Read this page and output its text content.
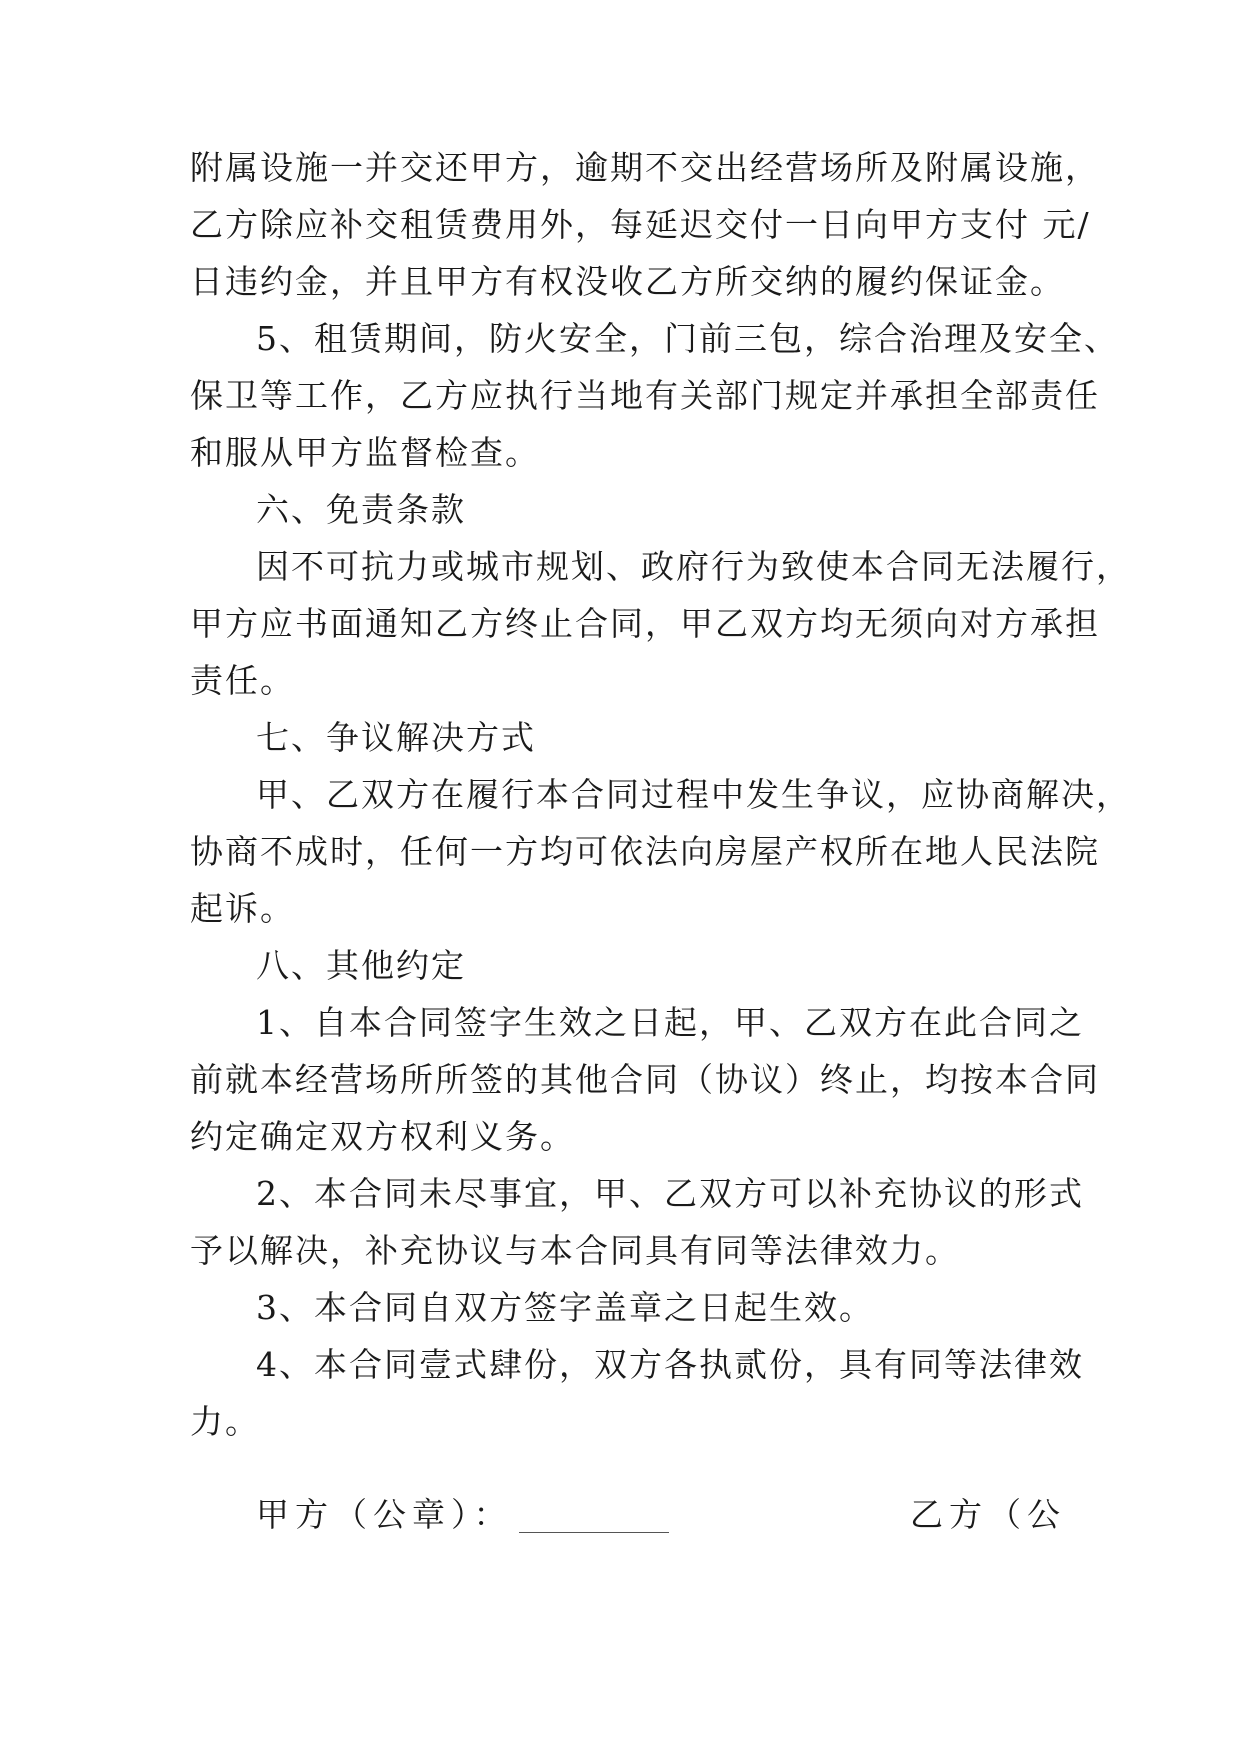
附属设施一并交还甲方，逾期不交出经营场所及附属设施，
乙方除应补交租赁费用外，每延迟交付一日向甲方支付 元/
日违约金，并且甲方有权没收乙方所交纳的履约保证金。
5、租赁期间，防火安全，门前三包，综合治理及安全、
保卫等工作，乙方应执行当地有关部门规定并承担全部责任
和服从甲方监督检查。
六、免责条款
因不可抗力或城市规划、政府行为致使本合同无法履行，
甲方应书面通知乙方终止合同，甲乙双方均无须向对方承担
责任。
七、争议解决方式
甲、乙双方在履行本合同过程中发生争议，应协商解决，
协商不成时，任何一方均可依法向房屋产权所在地人民法院
起诉。
八、其他约定
1、自本合同签字生效之日起，甲、乙双方在此合同之
前就本经营场所所签的其他合同（协议）终止，均按本合同
约定确定双方权利义务。
2、本合同未尽事宜，甲、乙双方可以补充协议的形式
予以解决，补充协议与本合同具有同等法律效力。
3、本合同自双方签字盖章之日起生效。
4、本合同壹式肆份，双方各执贰份，具有同等法律效
力。
甲方（公章）：	乙方（公
